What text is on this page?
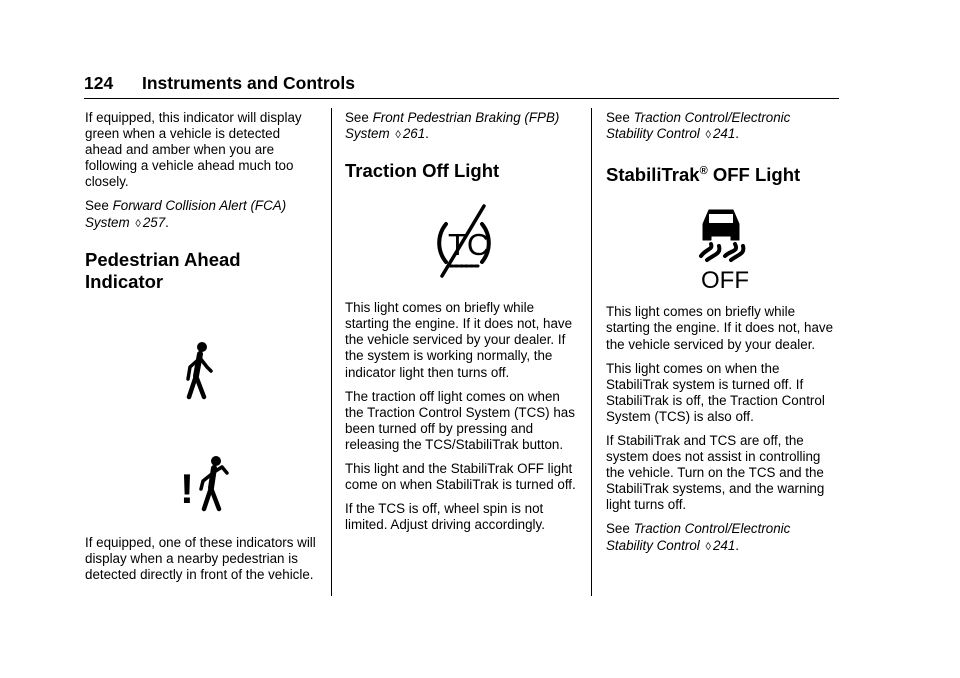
124 Instruments and Controls

If equipped, this indicator will display green when a vehicle is detected ahead and amber when you are following a vehicle ahead much too closely.

See Forward Collision Alert (FCA) System ◊ 257.

Pedestrian Ahead
Indicator
!

If equipped, one of these indicators will display when a nearby pedestrian is detected directly in front of the vehicle.

See Front Pedestrian Braking (FPB) System ◊ 261.

Traction Off Light
TC

This light comes on briefly while starting the engine. If it does not, have the vehicle serviced by your dealer. If the system is working normally, the indicator light then turns off.

The traction off light comes on when the Traction Control System (TCS) has been turned off by pressing and releasing the TCS/StabiliTrak button.

This light and the StabiliTrak OFF light come on when StabiliTrak is turned off.

If the TCS is off, wheel spin is not limited. Adjust driving accordingly.

See Traction Control/Electronic Stability Control ◊ 241.

StabiliTrak® OFF Light
OFF

This light comes on briefly while starting the engine. If it does not, have the vehicle serviced by your dealer.

This light comes on when the StabiliTrak system is turned off. If StabiliTrak is off, the Traction Control System (TCS) is also off.

If StabiliTrak and TCS are off, the system does not assist in controlling the vehicle. Turn on the TCS and the StabiliTrak systems, and the warning light turns off.

See Traction Control/Electronic Stability Control ◊ 241.
